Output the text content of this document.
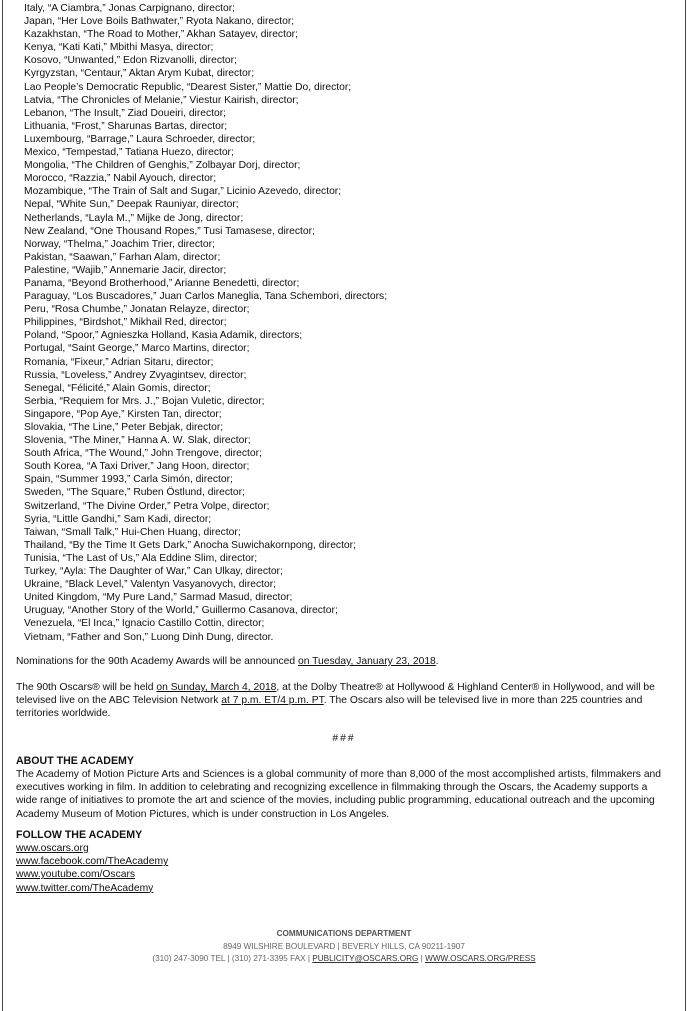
Italy, “A Ciambra,” Jonas Carpignano, director;
Japan, “Her Love Boils Bathwater,” Ryota Nakano, director;
Kazakhstan, “The Road to Mother,” Akhan Satayev, director;
Kenya, “Kati Kati,” Mbithi Masya, director;
Kosovo, “Unwanted,” Edon Rizvanolli, director;
Kyrgyzstan, “Centaur,” Aktan Arym Kubat, director;
Lao People’s Democratic Republic, “Dearest Sister,” Mattie Do, director;
Latvia, “The Chronicles of Melanie,” Viestur Kairish, director;
Lebanon, “The Insult,” Ziad Doueiri, director;
Lithuania, “Frost,” Sharunas Bartas, director;
Luxembourg, “Barrage,” Laura Schroeder, director;
Mexico, “Tempestad,” Tatiana Huezo, director;
Mongolia, “The Children of Genghis,” Zolbayar Dorj, director;
Morocco, “Razzia,” Nabil Ayouch, director;
Mozambique, “The Train of Salt and Sugar,” Licinio Azevedo, director;
Nepal, “White Sun,” Deepak Rauniyar, director;
Netherlands, “Layla M.,” Mijke de Jong, director;
New Zealand, “One Thousand Ropes,” Tusi Tamasese, director;
Norway, “Thelma,” Joachim Trier, director;
Pakistan, “Saawan,” Farhan Alam, director;
Palestine, “Wajib,” Annemarie Jacir, director;
Panama, “Beyond Brotherhood,” Arianne Benedetti, director;
Paraguay, “Los Buscadores,” Juan Carlos Maneglia, Tana Schembori, directors;
Peru, “Rosa Chumbe,” Jonatan Relayze, director;
Philippines, “Birdshot,” Mikhail Red, director;
Poland, “Spoor,” Agnieszka Holland, Kasia Adamik, directors;
Portugal, “Saint George,” Marco Martins, director;
Romania, “Fixeur,” Adrian Sitaru, director;
Russia, “Loveless,” Andrey Zvyagintsev, director;
Senegal, “Félicité,” Alain Gomis, director;
Serbia, “Requiem for Mrs. J.,” Bojan Vuletic, director;
Singapore, “Pop Aye,” Kirsten Tan, director;
Slovakia, “The Line,” Peter Bebjak, director;
Slovenia, “The Miner,” Hanna A. W. Slak, director;
South Africa, “The Wound,” John Trengove, director;
South Korea, “A Taxi Driver,” Jang Hoon, director;
Spain, “Summer 1993,” Carla Simón, director;
Sweden, “The Square,” Ruben Östlund, director;
Switzerland, “The Divine Order,” Petra Volpe, director;
Syria, “Little Gandhi,” Sam Kadi, director;
Taiwan, “Small Talk,” Hui-Chen Huang, director;
Thailand, “By the Time It Gets Dark,” Anocha Suwichakornpong, director;
Tunisia, “The Last of Us,” Ala Eddine Slim, director;
Turkey, “Ayla: The Daughter of War,” Can Ulkay, director;
Ukraine, “Black Level,” Valentyn Vasyanovych, director;
United Kingdom, “My Pure Land,” Sarmad Masud, director;
Uruguay, “Another Story of the World,” Guillermo Casanova, director;
Venezuela, “El Inca,” Ignacio Castillo Cottin, director;
Vietnam, “Father and Son,” Luong Dinh Dung, director.
Nominations for the 90th Academy Awards will be announced on Tuesday, January 23, 2018.
The 90th Oscars® will be held on Sunday, March 4, 2018, at the Dolby Theatre® at Hollywood & Highland Center® in Hollywood, and will be televised live on the ABC Television Network at 7 p.m. ET/4 p.m. PT. The Oscars also will be televised live in more than 225 countries and territories worldwide.
###
ABOUT THE ACADEMY
The Academy of Motion Picture Arts and Sciences is a global community of more than 8,000 of the most accomplished artists, filmmakers and executives working in film. In addition to celebrating and recognizing excellence in filmmaking through the Oscars, the Academy supports a wide range of initiatives to promote the art and science of the movies, including public programming, educational outreach and the upcoming Academy Museum of Motion Pictures, which is under construction in Los Angeles.
FOLLOW THE ACADEMY
www.oscars.org
www.facebook.com/TheAcademy
www.youtube.com/Oscars
www.twitter.com/TheAcademy
COMMUNICATIONS DEPARTMENT
8949 WILSHIRE BOULEVARD | BEVERLY HILLS, CA 90211-1907
(310) 247-3090 TEL | (310) 271-3395 FAX | PUBLICITY@OSCARS.ORG | WWW.OSCARS.ORG/PRESS
